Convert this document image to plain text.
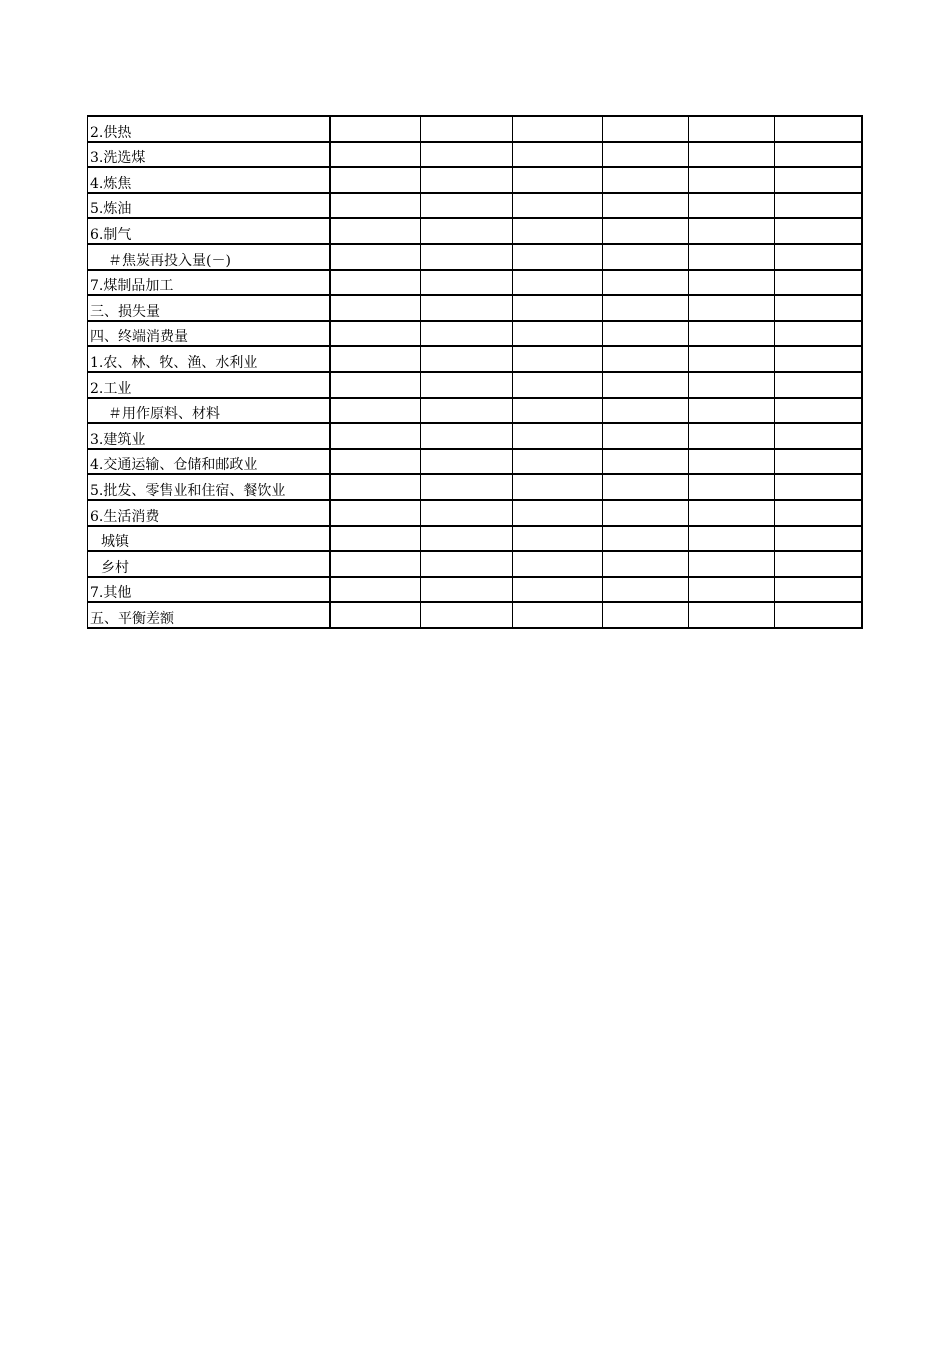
2.供热						
3.洗选煤						
4.炼焦						
5.炼油						
6.制气						
＃焦炭再投入量(－)						
7.煤制品加工						
三、损失量						
四、终端消费量						
1.农、林、牧、渔、水利业						
2.工业						
＃用作原料、材料						
3.建筑业						
4.交通运输、仓储和邮政业						
5.批发、零售业和住宿、餐饮业						
6.生活消费						
城镇						
乡村						
7.其他						
五、平衡差额						
